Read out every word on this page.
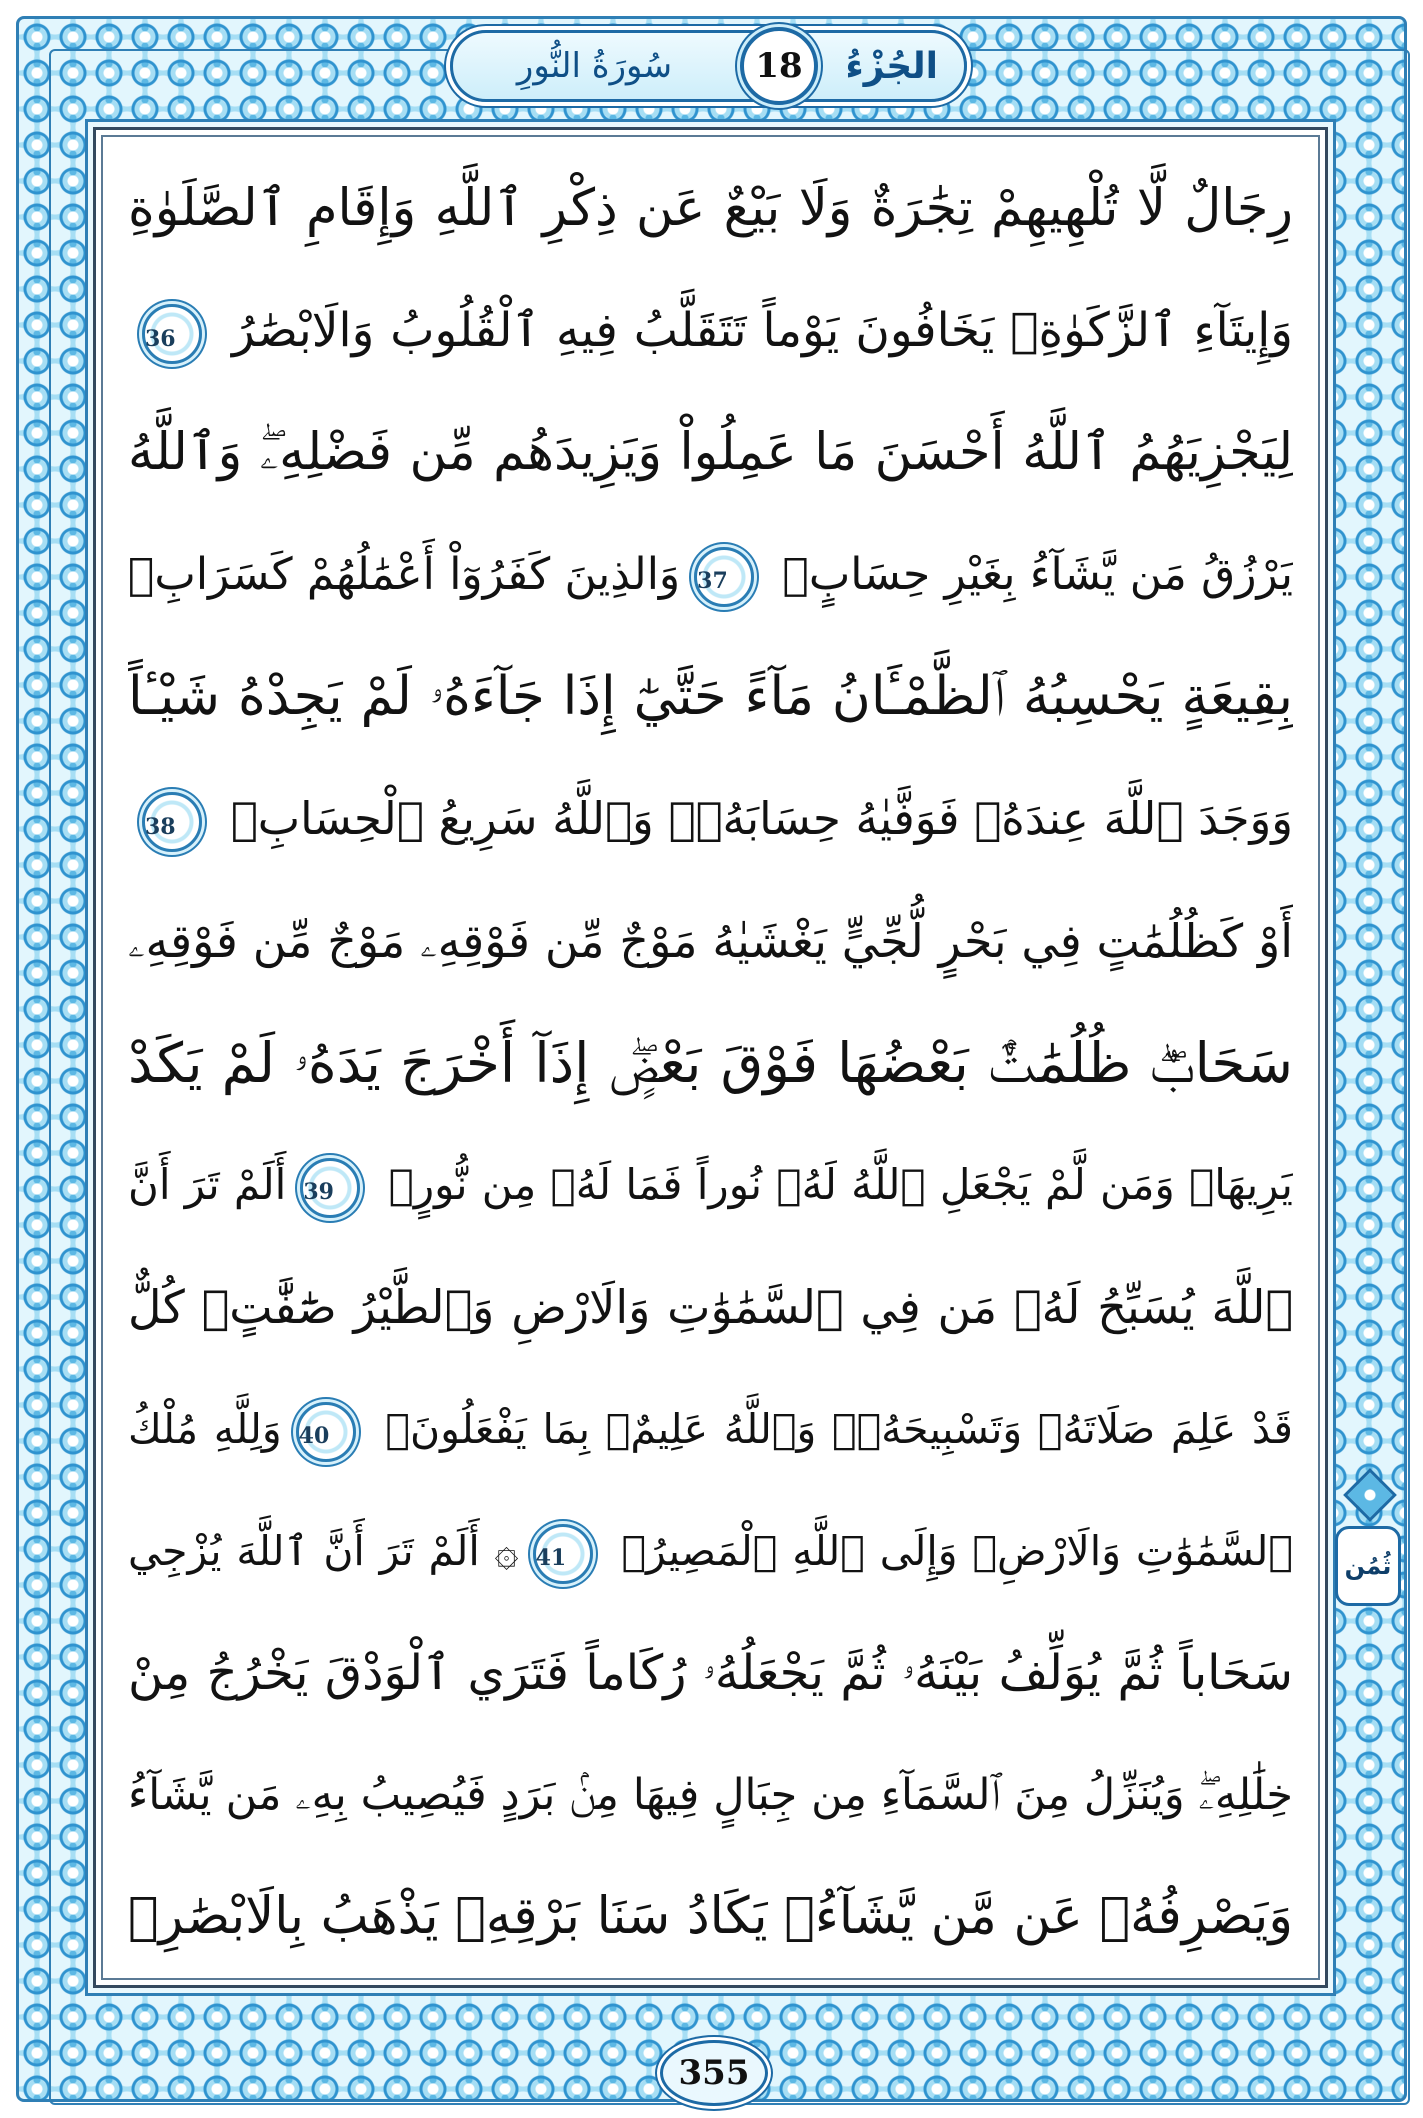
رِجَالٌ لَّا تُلْهِيهِمْ تِجَٰرَةٌ وَلَا بَيْعٌ عَن ذِكْرِ ٱللَّهِ وَإِقَامِ ٱلصَّلَوٰةِ
وَإِيتَآءِ ٱلزَّكَوٰةِۖ يَخَافُونَ يَوْماً تَتَقَلَّبُ فِيهِ ٱلْقُلُوبُ وَالَابْصَٰرُ 36
لِيَجْزِيَهُمُ ٱللَّهُ أَحْسَنَ مَا عَمِلُواْ وَيَزِيدَهُم مِّن فَضْلِهِۦۖ وَٱللَّهُ
يَرْزُقُ مَن يَّشَآءُ بِغَيْرِ حِسَابٍۖ 37وَالذِينَ كَفَرُوٓاْ أَعْمَٰلُهُمْ كَسَرَابِۢ
بِقِيعَةٍ يَحْسِبُهُ ٱلظَّمْـَٔانُ مَآءً حَتَّيٰٓ إِذَا جَآءَهُۥ لَمْ يَجِدْهُ شَيْـٔاً
وَوَجَدَ ٱللَّهَ عِندَهُۥ فَوَفَّيٰهُ حِسَابَهُۥۖ وَٱللَّهُ سَرِيعُ ٱلْحِسَابِۖ 38
أَوْ كَظُلُمَٰتٍ فِي بَحْرٍ لُّجِّيٍّ يَغْشَيٰهُ مَوْجٌ مِّن فَوْقِهِۦ مَوْجٌ مِّن فَوْقِهِۦ
سَحَابٌۖ ظُلُمَٰتٌۢ بَعْضُهَا فَوْقَ بَعْضٍۖ إِذَآ أَخْرَجَ يَدَهُۥ لَمْ يَكَدْ
يَرِيهَاۖ وَمَن لَّمْ يَجْعَلِ ٱللَّهُ لَهُۥ نُوراً فَمَا لَهُۥ مِن نُّورٍۖ 39أَلَمْ تَرَ أَنَّ
ٱللَّهَ يُسَبِّحُ لَهُۥ مَن فِي ٱلسَّمَٰوَٰتِ وَالَارْضِ وَٱلطَّيْرُ صَٰٓفَّٰتٍۖ كُلٌّ
قَدْ عَلِمَ صَلَاتَهُۥ وَتَسْبِيحَهُۥۖ وَٱللَّهُ عَلِيمٌۢ بِمَا يَفْعَلُونَۖ 40وَلِلَّهِ مُلْكُ
ٱلسَّمَٰوَٰتِ وَالَارْضِۖ وَإِلَى ٱللَّهِ ٱلْمَصِيرُۖ 41۞ أَلَمْ تَرَ أَنَّ ٱللَّهَ يُزْجِي
سَحَاباً ثُمَّ يُوَلِّفُ بَيْنَهُۥ ثُمَّ يَجْعَلُهُۥ رُكَاماً فَتَرَي ٱلْوَدْقَ يَخْرُجُ مِنْ
خِلَٰلِهِۦۖ وَيُنَزِّلُ مِنَ ٱلسَّمَآءِ مِن جِبَالٍ فِيهَا مِنۢ بَرَدٍ فَيُصِيبُ بِهِۦ مَن يَّشَآءُ
وَيَصْرِفُهُۥ عَن مَّن يَّشَآءُۖ يَكَادُ سَنَا بَرْقِهِۦ يَذْهَبُ بِالَابْصَٰرِۖ
الجُزْءُ
18
سُورَةُ النُّورِ
ثُمُن
355
